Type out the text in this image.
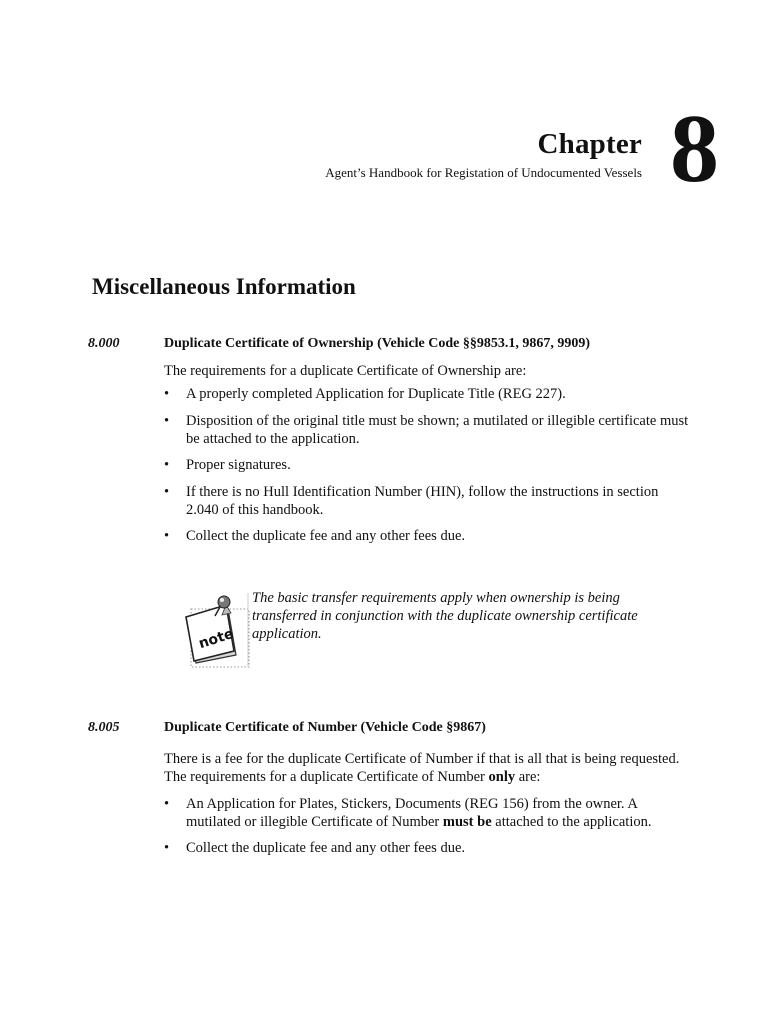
Chapter
Agent’s Handbook for Registation of Undocumented Vessels 8
Miscellaneous Information
8.000	Duplicate Certificate of Ownership (Vehicle Code §§9853.1, 9867, 9909)
The requirements for a duplicate Certificate of Ownership are:
• A properly completed Application for Duplicate Title (REG 227).
• Disposition of the original title must be shown; a mutilated or illegible certificate must be attached to the application.
• Proper signatures.
• If there is no Hull Identification Number (HIN), follow the instructions in section 2.040 of this handbook.
• Collect the duplicate fee and any other fees due.
note
The basic transfer requirements apply when ownership is being transferred in conjunction with the duplicate ownership certificate application.
8.005	Duplicate Certificate of Number (Vehicle Code §9867)
There is a fee for the duplicate Certificate of Number if that is all that is being requested. The requirements for a duplicate Certificate of Number only are:
• An Application for Plates, Stickers, Documents (REG 156) from the owner. A mutilated or illegible Certificate of Number must be attached to the application.
• Collect the duplicate fee and any other fees due.
